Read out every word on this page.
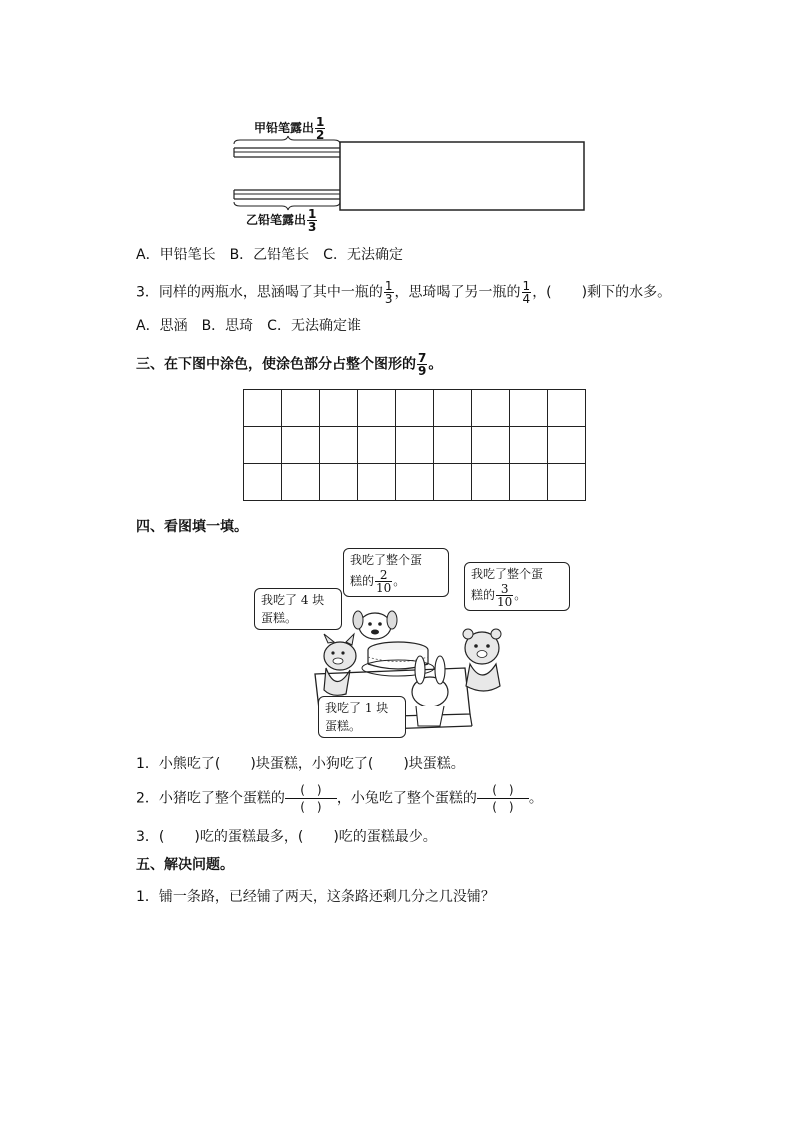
甲铅笔露出 $\frac{1}{2}$
乙铅笔露出 $\frac{1}{3}$
A．甲铅笔长　B．乙铅笔长　C．无法确定
3．同样的两瓶水，思涵喝了其中一瓶的 $\frac{1}{3}$ ，思琦喝了另一瓶的 $\frac{1}{4}$ ，( )剩下的水多。
A．思涵　B．思琦　C．无法确定谁
三、在下图中涂色，使涂色部分占整个图形的 $\frac{7}{9}$ 。

四、看图填一填。
我吃了整个蛋
糕的 $\frac{2}{10}$ 。	我吃了整个蛋
糕的 $\frac{3}{10}$ 。
我吃了 4 块
蛋糕。
我吃了 1 块
蛋糕。
1．小熊吃了( )块蛋糕，小狗吃了( )块蛋糕。
2．小猪吃了整个蛋糕的 $\frac{( )}{( )}$ ，小兔吃了整个蛋糕的 $\frac{( )}{( )}$ 。
3．( )吃的蛋糕最多，( )吃的蛋糕最少。
五、解决问题。
1．铺一条路，已经铺了两天，这条路还剩几分之几没铺？
